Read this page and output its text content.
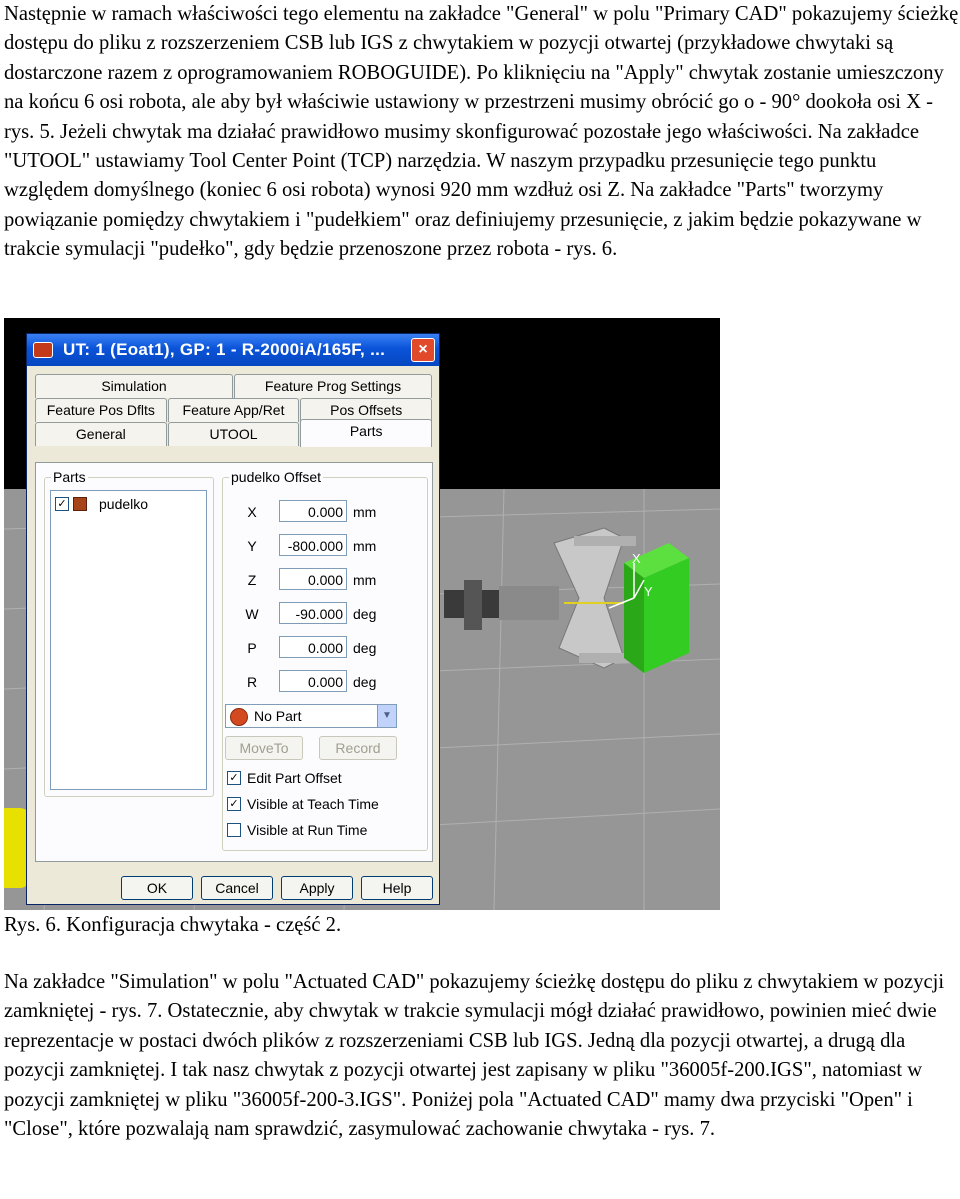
Następnie w ramach właściwości tego elementu na zakładce "General" w polu "Primary CAD" pokazujemy ścieżkę dostępu do pliku z rozszerzeniem CSB lub IGS z chwytakiem w pozycji otwartej (przykładowe chwytaki są dostarczone razem z oprogramowaniem ROBOGUIDE). Po kliknięciu na "Apply" chwytak zostanie umieszczony na końcu 6 osi robota, ale aby był właściwie ustawiony w przestrzeni musimy obrócić go o - 90° dookoła osi X - rys. 5. Jeżeli chwytak ma działać prawidłowo musimy skonfigurować pozostałe jego właściwości. Na zakładce "UTOOL" ustawiamy Tool Center Point (TCP) narzędzia. W naszym przypadku przesunięcie tego punktu względem domyślnego (koniec 6 osi robota) wynosi 920 mm wzdłuż osi Z. Na zakładce "Parts" tworzymy powiązanie pomiędzy chwytakiem i "pudełkiem" oraz definiujemy przesunięcie, z jakim będzie pokazywane w trakcie symulacji "pudełko", gdy będzie przenoszone przez robota - rys. 6.

X
Y
UT: 1 (Eoat1), GP: 1 - R-2000iA/165F, ...	×
Simulation	Feature Prog Settings
Feature Pos Dflts	Feature App/Ret	Pos Offsets
General	UTOOL	Parts
Parts
✓ pudelko
pudelko Offset
X	0.000 mm
Y	-800.000 mm
Z	0.000 mm
W	-90.000 deg
P	0.000 deg
R	0.000 deg
No Part	▼
MoveTo	Record
✓ Edit Part Offset
✓ Visible at Teach Time
Visible at Run Time
OK	Cancel	Apply	Help

Rys. 6. Konfiguracja chwytaka - część 2.

Na zakładce "Simulation" w polu "Actuated CAD" pokazujemy ścieżkę dostępu do pliku z chwytakiem w pozycji zamkniętej - rys. 7. Ostatecznie, aby chwytak w trakcie symulacji mógł działać prawidłowo, powinien mieć dwie reprezentacje w postaci dwóch plików z rozszerzeniami CSB lub IGS. Jedną dla pozycji otwartej, a drugą dla pozycji zamkniętej. I tak nasz chwytak z pozycji otwartej jest zapisany w pliku "36005f-200.IGS", natomiast w pozycji zamkniętej w pliku "36005f-200-3.IGS". Poniżej pola "Actuated CAD" mamy dwa przyciski "Open" i "Close", które pozwalają nam sprawdzić, zasymulować zachowanie chwytaka - rys. 7.
